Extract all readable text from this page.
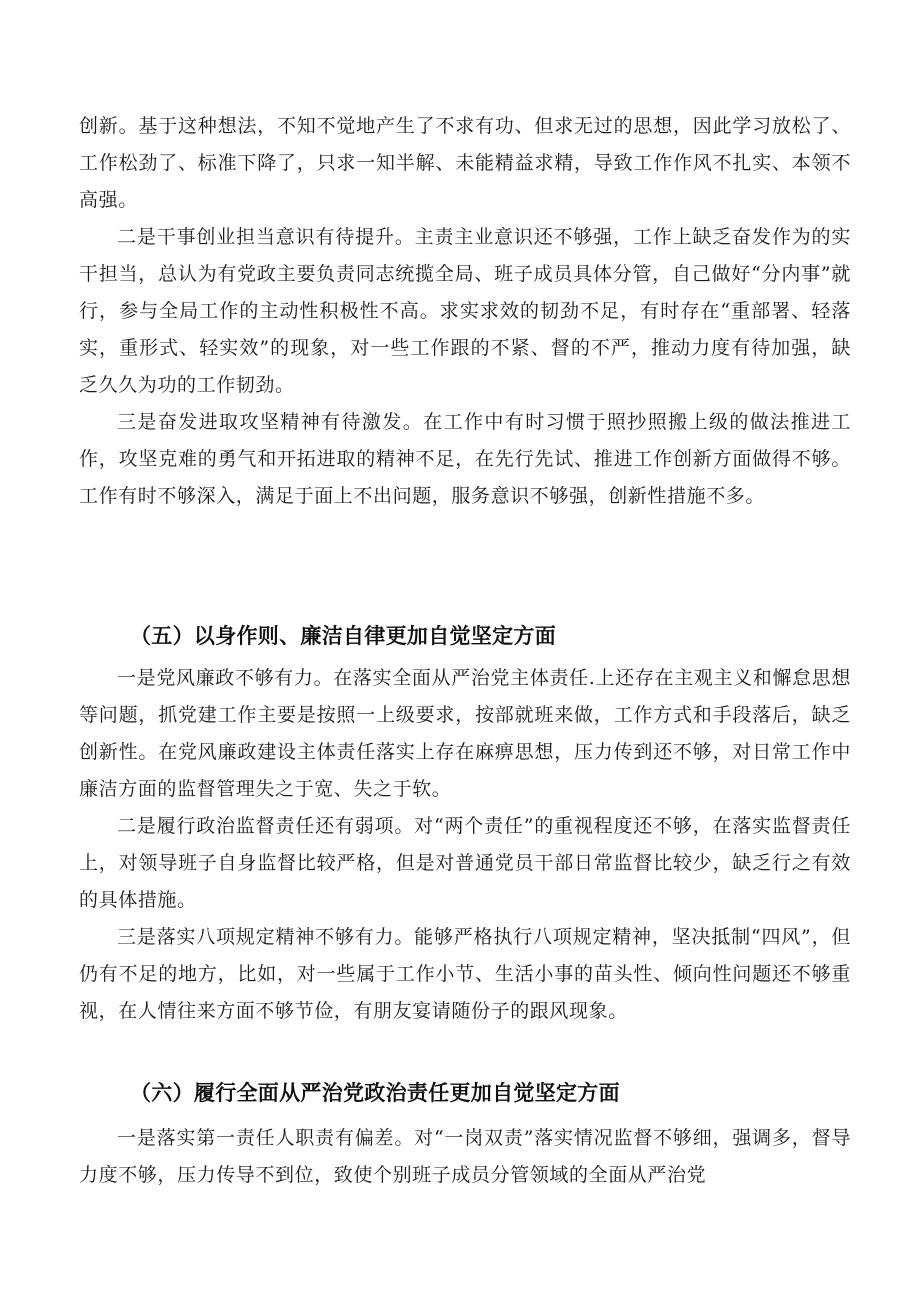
创新。基于这种想法，不知不觉地产生了不求有功、但求无过的思想，因此学习放松了、工作松劲了、标准下降了，只求一知半解、未能精益求精，导致工作作风不扎实、本领不高强。

二是干事创业担当意识有待提升。主责主业意识还不够强，工作上缺乏奋发作为的实干担当，总认为有党政主要负责同志统揽全局、班子成员具体分管，自己做好“分内事”就行，参与全局工作的主动性积极性不高。求实求效的韧劲不足，有时存在“重部署、轻落实，重形式、轻实效”的现象，对一些工作跟的不紧、督的不严，推动力度有待加强，缺乏久久为功的工作韧劲。

三是奋发进取攻坚精神有待激发。在工作中有时习惯于照抄照搬上级的做法推进工作，攻坚克难的勇气和开拓进取的精神不足，在先行先试、推进工作创新方面做得不够。工作有时不够深入，满足于面上不出问题，服务意识不够强，创新性措施不多。

（五）以身作则、廉洁自律更加自觉坚定方面

一是党风廉政不够有力。在落实全面从严治党主体责任.上还存在主观主义和懈怠思想等问题，抓党建工作主要是按照一上级要求，按部就班来做，工作方式和手段落后，缺乏创新性。在党风廉政建设主体责任落实上存在麻痹思想，压力传到还不够，对日常工作中廉洁方面的监督管理失之于宽、失之于软。

二是履行政治监督责任还有弱项。对“两个责任”的重视程度还不够，在落实监督责任上，对领导班子自身监督比较严格，但是对普通党员干部日常监督比较少，缺乏行之有效的具体措施。

三是落实八项规定精神不够有力。能够严格执行八项规定精神，坚决抵制“四风”，但仍有不足的地方，比如，对一些属于工作小节、生活小事的苗头性、倾向性问题还不够重视，在人情往来方面不够节俭，有朋友宴请随份子的跟风现象。

（六）履行全面从严治党政治责任更加自觉坚定方面

一是落实第一责任人职责有偏差。对“一岗双责”落实情况监督不够细，强调多，督导力度不够，压力传导不到位，致使个别班子成员分管领域的全面从严治党
